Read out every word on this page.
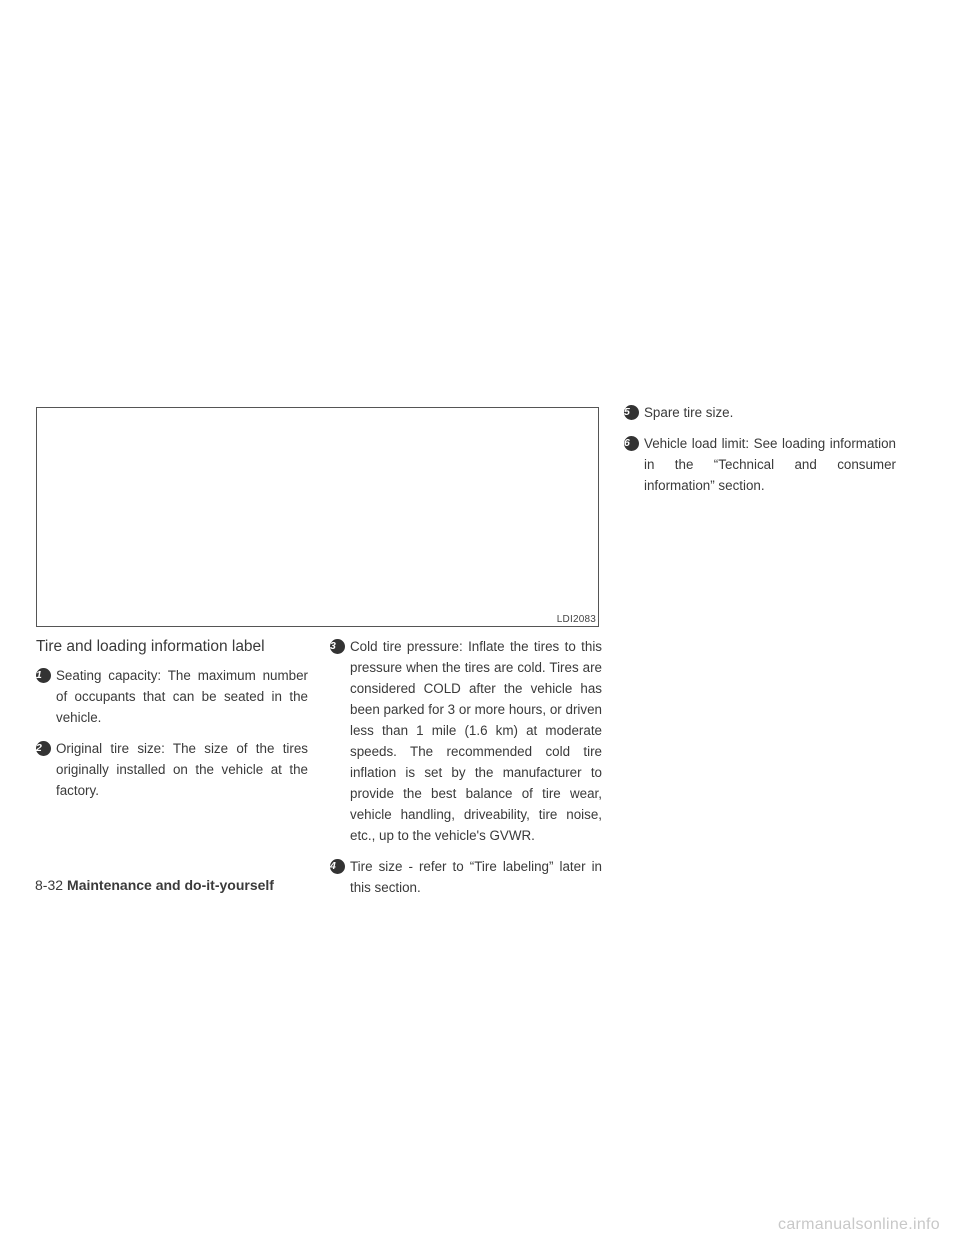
LDI2083
Tire and loading information label
1	Seating capacity: The maximum number of occupants that can be seated in the vehicle.
2	Original tire size: The size of the tires originally installed on the vehicle at the factory.
3	Cold tire pressure: Inflate the tires to this pressure when the tires are cold. Tires are considered COLD after the vehicle has been parked for 3 or more hours, or driven less than 1 mile (1.6 km) at moderate speeds. The recommended cold tire inflation is set by the manufacturer to provide the best balance of tire wear, vehicle handling, driveability, tire noise, etc., up to the vehicle's GVWR.
4	Tire size - refer to “Tire labeling” later in this section.
5	Spare tire size.
6	Vehicle load limit: See loading information in the “Technical and consumer information” section.
8-32 Maintenance and do-it-yourself
carmanualsonline.info
